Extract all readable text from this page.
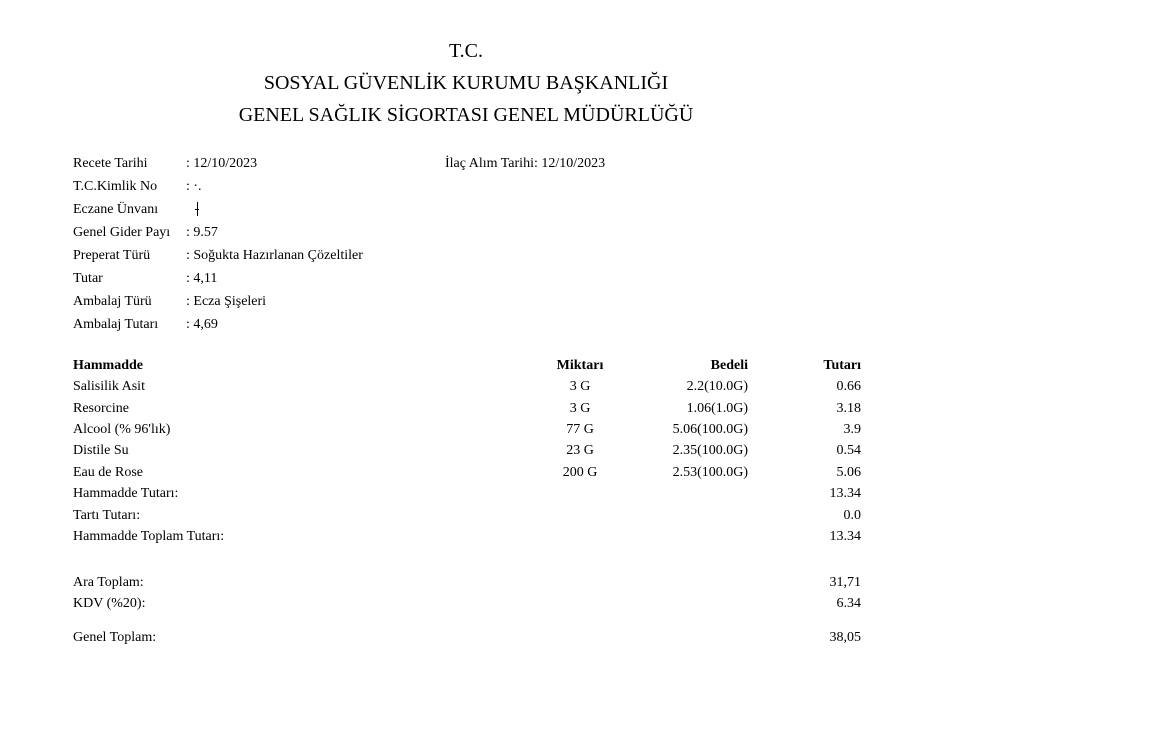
T.C.
SOSYAL GÜVENLİK KURUMU BAŞKANLIĞI
GENEL SAĞLIK SİGORTASI GENEL MÜDÜRLÜĞÜ
Recete Tarihi	: 12/10/2023	İlaç Alım Tarihi: 12/10/2023
T.C.Kimlik No : ·.
Eczane Ünvanı
Genel Gider Payı : 9.57
Preperat Türü	: Soğukta Hazırlanan Çözeltiler
Tutar	: 4,11
Ambalaj Türü : Ecza Şişeleri
Ambalaj Tutarı : 4,69
Hammadde	Miktarı	Bedeli	Tutarı
Salisilik Asit	3 G	2.2(10.0G)	0.66
Resorcine	3 G	1.06(1.0G)	3.18
Alcool (% 96'lık)	77 G	5.06(100.0G)	3.9
Distile Su	23 G	2.35(100.0G)	0.54
Eau de Rose	200 G	2.53(100.0G)	5.06
Hammadde Tutarı:	13.34
Tartı Tutarı:	0.0
Hammadde Toplam Tutarı:	13.34
Ara Toplam:	31,71
KDV (%20):	6.34
Genel Toplam:	38,05
